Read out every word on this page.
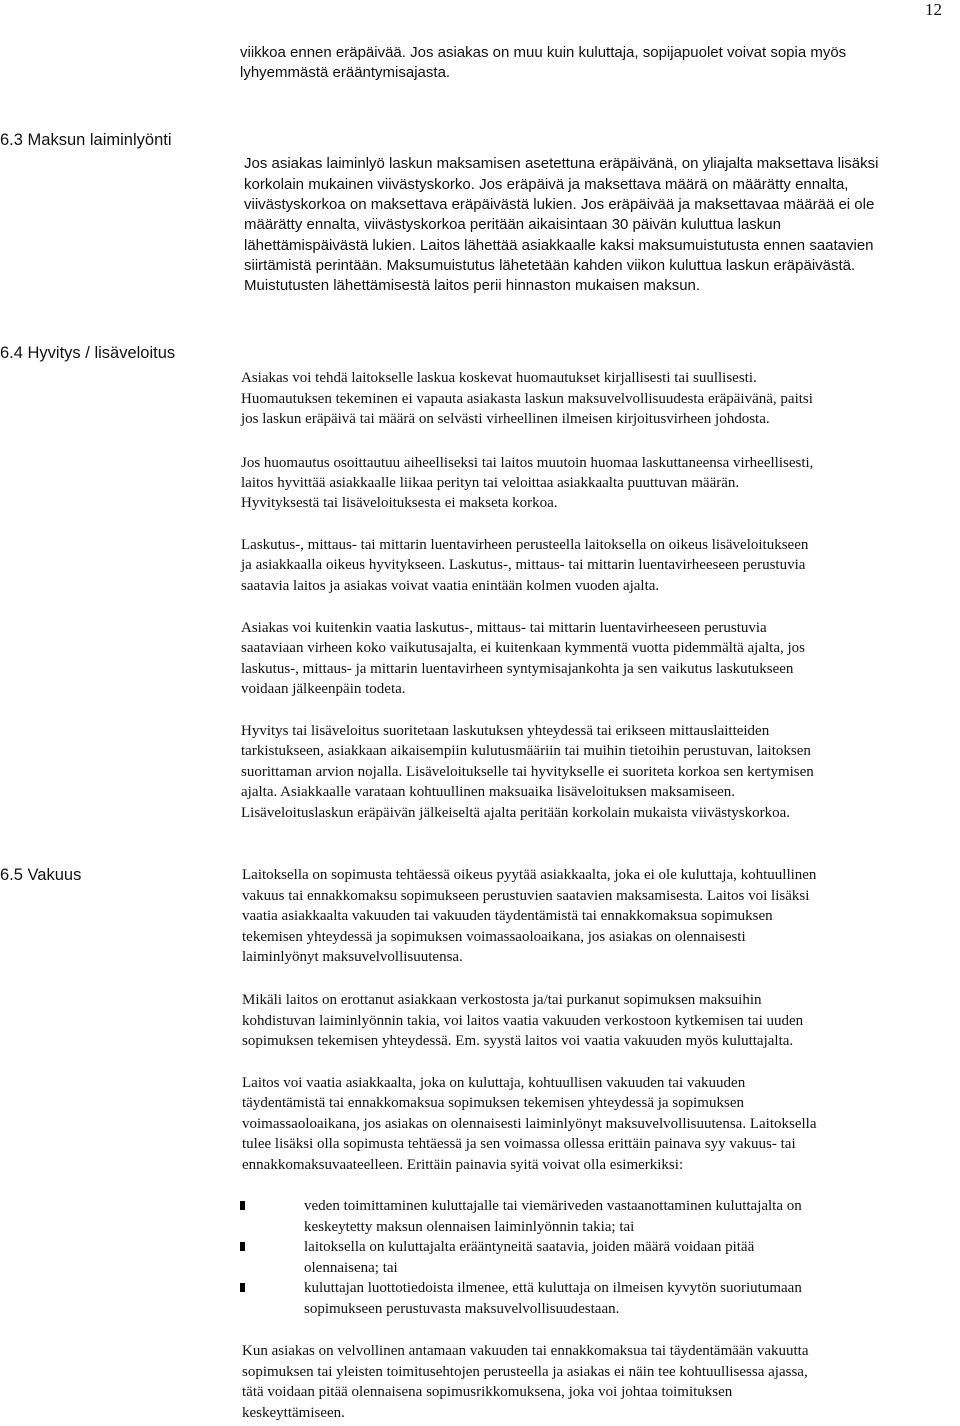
12
viikkoa ennen eräpäivää. Jos asiakas on muu kuin kuluttaja, sopijapuolet voivat sopia myös
lyhyemmästä erääntymisajasta.
6.3 Maksun laiminlyönti
Jos asiakas laiminlyö laskun maksamisen asetettuna eräpäivänä, on yliajalta maksettava lisäksi
korkolain mukainen viivästyskorko. Jos eräpäivä ja maksettava määrä on määrätty ennalta,
viivästyskorkoa on maksettava eräpäivästä lukien. Jos eräpäivää ja maksettavaa määrää ei ole
määrätty ennalta, viivästyskorkoa peritään aikaisintaan 30 päivän kuluttua laskun
lähettämispäivästä lukien. Laitos lähettää asiakkaalle kaksi maksumuistutusta ennen saatavien
siirtämistä perintään. Maksumuistutus lähetetään kahden viikon kuluttua laskun eräpäivästä.
Muistutusten lähettämisestä laitos perii hinnaston mukaisen maksun.
6.4 Hyvitys / lisäveloitus
Asiakas voi tehdä laitokselle laskua koskevat huomautukset kirjallisesti tai suullisesti.
Huomautuksen tekeminen ei vapauta asiakasta laskun maksuvelvollisuudesta eräpäivänä, paitsi
jos laskun eräpäivä tai määrä on selvästi virheellinen ilmeisen kirjoitusvirheen johdosta.
Jos huomautus osoittautuu aiheelliseksi tai laitos muutoin huomaa laskuttaneensa virheellisesti,
laitos hyvittää asiakkaalle liikaa perityn tai veloittaa asiakkaalta puuttuvan määrän.
Hyvityksestä tai lisäveloituksesta ei makseta korkoa.
Laskutus-, mittaus- tai mittarin luentavirheen perusteella laitoksella on oikeus lisäveloitukseen
ja asiakkaalla oikeus hyvitykseen. Laskutus-, mittaus- tai mittarin luentavirheeseen perustuvia
saatavia laitos ja asiakas voivat vaatia enintään kolmen vuoden ajalta.
Asiakas voi kuitenkin vaatia laskutus-, mittaus- tai mittarin luentavirheeseen perustuvia
saataviaan virheen koko vaikutusajalta, ei kuitenkaan kymmentä vuotta pidemmältä ajalta, jos
laskutus-, mittaus- ja mittarin luentavirheen syntymisajankohta ja sen vaikutus laskutukseen
voidaan jälkeenpäin todeta.
Hyvitys tai lisäveloitus suoritetaan laskutuksen yhteydessä tai erikseen mittauslaitteiden
tarkistukseen, asiakkaan aikaisempiin kulutusmääriin tai muihin tietoihin perustuvan, laitoksen
suorittaman arvion nojalla. Lisäveloitukselle tai hyvitykselle ei suoriteta korkoa sen kertymisen
ajalta. Asiakkaalle varataan kohtuullinen maksuaika lisäveloituksen maksamiseen.
Lisäveloituslaskun eräpäivän jälkeiseltä ajalta peritään korkolain mukaista viivästyskorkoa.
6.5 Vakuus	Laitoksella on sopimusta tehtäessä oikeus pyytää asiakkaalta, joka ei ole kuluttaja, kohtuullinen
vakuus tai ennakkomaksu sopimukseen perustuvien saatavien maksamisesta. Laitos voi lisäksi
vaatia asiakkaalta vakuuden tai vakuuden täydentämistä tai ennakkomaksua sopimuksen
tekemisen yhteydessä ja sopimuksen voimassaoloaikana, jos asiakas on olennaisesti
laiminlyönyt maksuvelvollisuutensa.
Mikäli laitos on erottanut asiakkaan verkostosta ja/tai purkanut sopimuksen maksuihin
kohdistuvan laiminlyönnin takia, voi laitos vaatia vakuuden verkostoon kytkemisen tai uuden
sopimuksen tekemisen yhteydessä. Em. syystä laitos voi vaatia vakuuden myös kuluttajalta.
Laitos voi vaatia asiakkaalta, joka on kuluttaja, kohtuullisen vakuuden tai vakuuden
täydentämistä tai ennakkomaksua sopimuksen tekemisen yhteydessä ja sopimuksen
voimassaoloaikana, jos asiakas on olennaisesti laiminlyönyt maksuvelvollisuutensa. Laitoksella
tulee lisäksi olla sopimusta tehtäessä ja sen voimassa ollessa erittäin painava syy vakuus- tai
ennakkomaksuvaateelleen. Erittäin painavia syitä voivat olla esimerkiksi:
veden toimittaminen kuluttajalle tai viemäriveden vastaanottaminen kuluttajalta on
keskeytetty maksun olennaisen laiminlyönnin takia; tai
laitoksella on kuluttajalta erääntyneitä saatavia, joiden määrä voidaan pitää
olennaisena; tai
kuluttajan luottotiedoista ilmenee, että kuluttaja on ilmeisen kyvytön suoriutumaan
sopimukseen perustuvasta maksuvelvollisuudestaan.
Kun asiakas on velvollinen antamaan vakuuden tai ennakkomaksua tai täydentämään vakuutta
sopimuksen tai yleisten toimitusehtojen perusteella ja asiakas ei näin tee kohtuullisessa ajassa,
tätä voidaan pitää olennaisena sopimusrikkomuksena, joka voi johtaa toimituksen
keskeyttämiseen.
